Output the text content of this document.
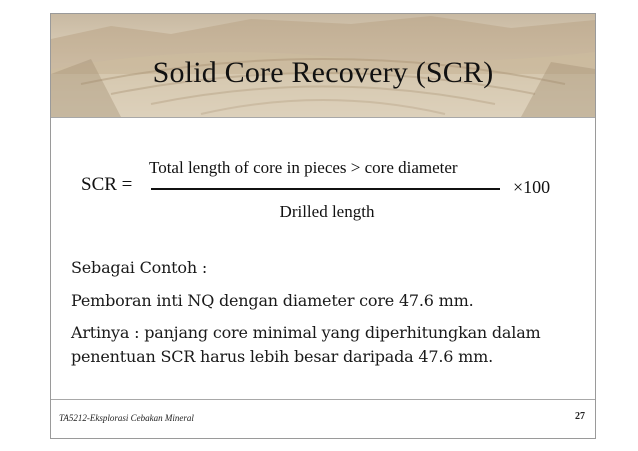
Solid Core Recovery (SCR)
SCR =
Total length of core in pieces > core diameter
Drilled length
×100
Sebagai Contoh :
Pemboran inti NQ dengan diameter core 47.6 mm.
Artinya : panjang core minimal yang diperhitungkan dalam penentuan SCR harus lebih besar daripada 47.6 mm.
TA5212-Eksplorasi Cebakan Mineral	27
